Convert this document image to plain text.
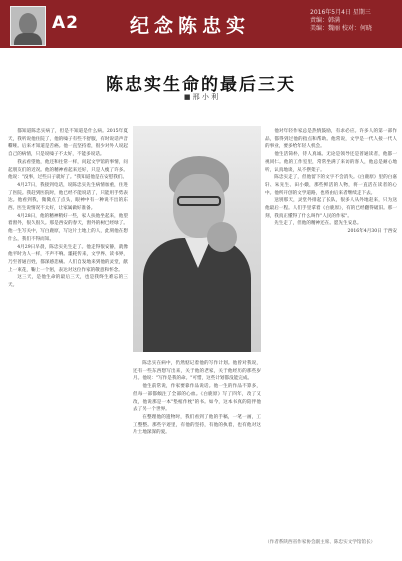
A2	纪念陈忠实
2016年5月4日 星期三
责编：韩满
美编：魏丽 校对：何晓
陈忠实生命的最后三天
■ 邢 小 利

都知道陈忠实病了，但是不知道是什么病。2015年夏天，我听说他住院了，他的嗓子有些不舒服，有时说话声音嘶哑。后来才知道是舌癌。他一直坚持着，很少对外人说起自己的病情，只是说嗓子不太好，不能多说话。

我去看望他，他还和往常一样，问起文学馆的事情，问起朋友们的近况。他的精神看起来还好，只是人瘦了许多。他说："没事，过些日子就好了。"我知道他是在安慰我们。

4月27日，我接到电话，说陈忠实先生病情加重，住进了医院。我赶到医院时，他已经不能说话了，只能用手势表达。他看到我，微微点了点头，眼神中有一种说不出的东西。医生说情况不太好，让家属做好准备。

4月28日，他的精神稍好一些，家人扶他坐起来，他望着窗外，很久很久。那是西安的春天，窗外的树已经绿了。他一生写关中，写白鹿原，写这片土地上的人，此刻他在想什么，我们不得而知。

4月29日早晨，陈忠实先生走了。他走得很安静，就像他平时为人一样，不声不响。噩耗传来，文学界、读书界，乃至普通百姓，都深感悲痛。人们自发地来到他的灵堂，献上一束花，鞠上一个躬，表达对这位作家的敬意和怀念。

这三天，是他生命的最后三天，也是我终生难忘的三天。

陈忠实在病中，仍然惦记着他的写作计划。他曾对我说，还有一些东西想写出来，关于他的老家，关于他经历的那些岁月。他说："写作是我的命。"可惜，这些计划都没能完成。

他生前常说，作家要靠作品说话。他一生的作品不算多，但每一部都倾注了全部的心血。《白鹿原》写了四年，改了又改，他说那是一本"垫棺作枕"的书。如今，这本书真的陪伴他去了另一个世界。

在整理他的遗物时，我们看到了他的手稿，一笔一画，工工整整。那些字迹里，有他的坚持，有他的执着，也有他对这片土地深深的爱。

他对年轻作家总是热情鼓励，有求必应。许多人的第一部作品，都得到过他的指点和帮助。他常说，文学是一代人接一代人的事业，要多给年轻人机会。

他生活简朴，待人真诚。无论是领导还是普通读者，他都一视同仁。他的工作室里，常常坐满了来访的客人，他总是耐心地听，认真地谈，从不摆架子。

陈忠实走了，但他留下的文字不会消失。《白鹿原》里的白嘉轩、朱先生、田小娥，那些鲜活的人物，将一直活在读者的心中。他所开创的文学道路，也将由后来者继续走下去。

送别那天，灵堂外排起了长队，很多人从外地赶来，只为送他最后一程。人们手里拿着《白鹿原》，有的已经翻得破旧。那一刻，我真正懂得了什么叫作"人民的作家"。

先生走了，但他的精神还在。愿先生安息。

2016年4月30日 于西安

（作者系陕西省作家协会副主席、陈忠实文学馆馆长）
